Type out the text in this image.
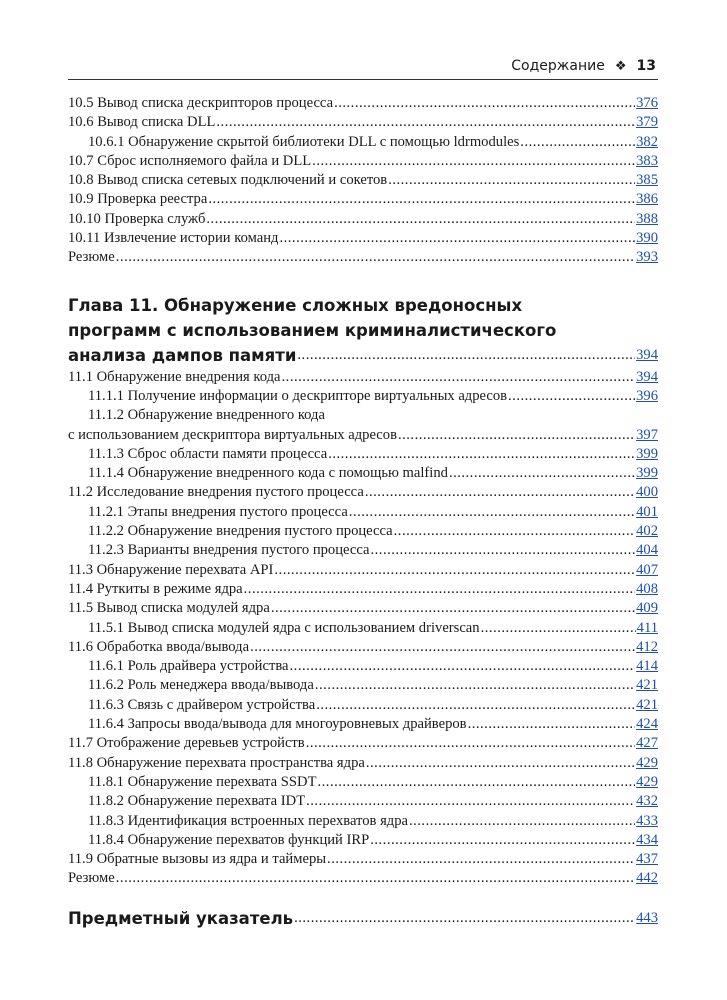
Содержание ❖ 13
10.5 Вывод списка дескрипторов процесса .....	376
10.6 Вывод списка DLL .....	379
10.6.1 Обнаружение скрытой библиотеки DLL с помощью ldrmodules .....	382
10.7 Сброс исполняемого файла и DLL .....	383
10.8 Вывод списка сетевых подключений и сокетов .....	385
10.9 Проверка реестра .....	386
10.10 Проверка служб .....	388
10.11 Извлечение истории команд .....	390
Резюме .....	393
Глава 11. Обнаружение сложных вредоносных
программ с использованием криминалистического
анализа дампов памяти .....	394
11.1 Обнаружение внедрения кода .....	394
11.1.1 Получение информации о дескрипторе виртуальных адресов .....	396
11.1.2 Обнаружение внедренного кода
с использованием дескриптора виртуальных адресов .....	397
11.1.3 Сброс области памяти процесса .....	399
11.1.4 Обнаружение внедренного кода с помощью malfind .....	399
11.2 Исследование внедрения пустого процесса .....	400
11.2.1 Этапы внедрения пустого процесса .....	401
11.2.2 Обнаружение внедрения пустого процесса .....	402
11.2.3 Варианты внедрения пустого процесса .....	404
11.3 Обнаружение перехвата API .....	407
11.4 Руткиты в режиме ядра .....	408
11.5 Вывод списка модулей ядра .....	409
11.5.1 Вывод списка модулей ядра с использованием driverscan .....	411
11.6 Обработка ввода/вывода .....	412
11.6.1 Роль драйвера устройства .....	414
11.6.2 Роль менеджера ввода/вывода .....	421
11.6.3 Связь с драйвером устройства .....	421
11.6.4 Запросы ввода/вывода для многоуровневых драйверов .....	424
11.7 Отображение деревьев устройств .....	427
11.8 Обнаружение перехвата пространства ядра .....	429
11.8.1 Обнаружение перехвата SSDT .....	429
11.8.2 Обнаружение перехвата IDT .....	432
11.8.3 Идентификация встроенных перехватов ядра .....	433
11.8.4 Обнаружение перехватов функций IRP .....	434
11.9 Обратные вызовы из ядра и таймеры .....	437
Резюме .....	442
Предметный указатель .....	443
